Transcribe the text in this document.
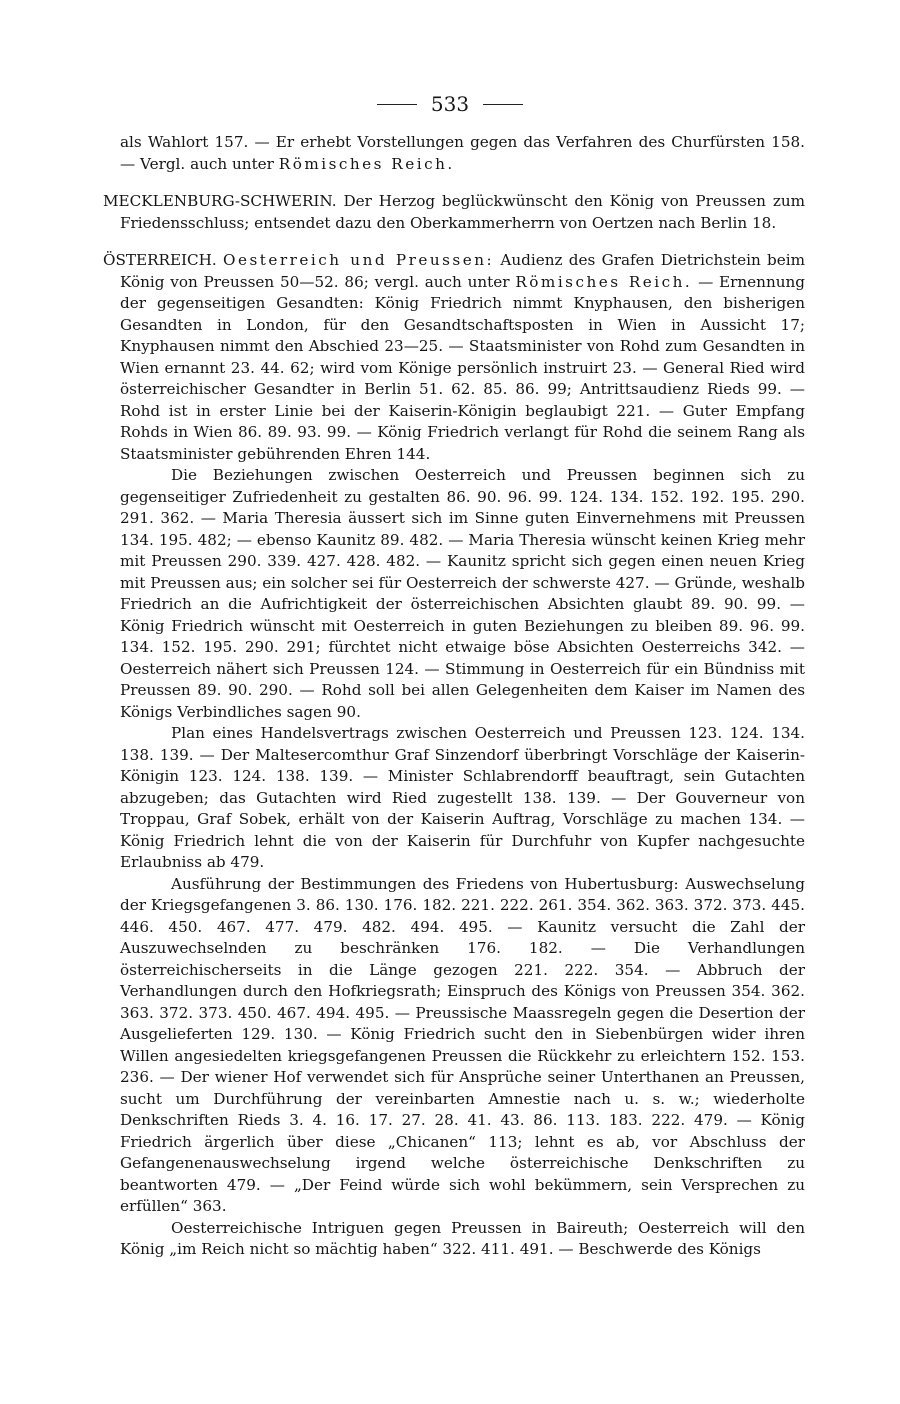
533

als Wahlort 157. — Er erhebt Vorstellungen gegen das Verfahren des Churfürsten 158. — Vergl. auch unter Römisches Reich.

MECKLENBURG-SCHWERIN. Der Herzog beglückwünscht den König von Preussen zum Friedensschluss; entsendet dazu den Oberkammerherrn von Oertzen nach Berlin 18.
ÖSTERREICH. Oesterreich und Preussen: Audienz des Grafen Dietrichstein beim König von Preussen 50—52. 86; vergl. auch unter Römisches Reich. — Ernennung der gegenseitigen Gesandten: König Friedrich nimmt Knyphausen, den bisherigen Gesandten in London, für den Gesandtschaftsposten in Wien in Aussicht 17; Knyphausen nimmt den Abschied 23—25. — Staatsminister von Rohd zum Gesandten in Wien ernannt 23. 44. 62; wird vom Könige persönlich instruirt 23. — General Ried wird österreichischer Gesandter in Berlin 51. 62. 85. 86. 99; Antrittsaudienz Rieds 99. — Rohd ist in erster Linie bei der Kaiserin-Königin beglaubigt 221. — Guter Empfang Rohds in Wien 86. 89. 93. 99. — König Friedrich verlangt für Rohd die seinem Rang als Staatsminister gebührenden Ehren 144.

Die Beziehungen zwischen Oesterreich und Preussen beginnen sich zu gegenseitiger Zufriedenheit zu gestalten 86. 90. 96. 99. 124. 134. 152. 192. 195. 290. 291. 362. — Maria Theresia äussert sich im Sinne guten Einvernehmens mit Preussen 134. 195. 482; — ebenso Kaunitz 89. 482. — Maria Theresia wünscht keinen Krieg mehr mit Preussen 290. 339. 427. 428. 482. — Kaunitz spricht sich gegen einen neuen Krieg mit Preussen aus; ein solcher sei für Oesterreich der schwerste 427. — Gründe, weshalb Friedrich an die Aufrichtigkeit der österreichischen Absichten glaubt 89. 90. 99. — König Friedrich wünscht mit Oesterreich in guten Beziehungen zu bleiben 89. 96. 99. 134. 152. 195. 290. 291; fürchtet nicht etwaige böse Absichten Oesterreichs 342. — Oesterreich nähert sich Preussen 124. — Stimmung in Oesterreich für ein Bündniss mit Preussen 89. 90. 290. — Rohd soll bei allen Gelegenheiten dem Kaiser im Namen des Königs Verbindliches sagen 90.

Plan eines Handelsvertrags zwischen Oesterreich und Preussen 123. 124. 134. 138. 139. — Der Maltesercomthur Graf Sinzendorf überbringt Vorschläge der Kaiserin-Königin 123. 124. 138. 139. — Minister Schlabrendorff beauftragt, sein Gutachten abzugeben; das Gutachten wird Ried zugestellt 138. 139. — Der Gouverneur von Troppau, Graf Sobek, erhält von der Kaiserin Auftrag, Vorschläge zu machen 134. — König Friedrich lehnt die von der Kaiserin für Durchfuhr von Kupfer nachgesuchte Erlaubniss ab 479.

Ausführung der Bestimmungen des Friedens von Hubertusburg: Auswechselung der Kriegsgefangenen 3. 86. 130. 176. 182. 221. 222. 261. 354. 362. 363. 372. 373. 445. 446. 450. 467. 477. 479. 482. 494. 495. — Kaunitz versucht die Zahl der Auszuwechselnden zu beschränken 176. 182. — Die Verhandlungen österreichischerseits in die Länge gezogen 221. 222. 354. — Abbruch der Verhandlungen durch den Hofkriegsrath; Einspruch des Königs von Preussen 354. 362. 363. 372. 373. 450. 467. 494. 495. — Preussische Maassregeln gegen die Desertion der Ausgelieferten 129. 130. — König Friedrich sucht den in Siebenbürgen wider ihren Willen angesiedelten kriegsgefangenen Preussen die Rückkehr zu erleichtern 152. 153. 236. — Der wiener Hof verwendet sich für Ansprüche seiner Unterthanen an Preussen, sucht um Durchführung der vereinbarten Amnestie nach u. s. w.; wiederholte Denkschriften Rieds 3. 4. 16. 17. 27. 28. 41. 43. 86. 113. 183. 222. 479. — König Friedrich ärgerlich über diese „Chicanen“ 113; lehnt es ab, vor Abschluss der Gefangenenauswechselung irgend welche österreichische Denkschriften zu beantworten 479. — „Der Feind würde sich wohl bekümmern, sein Versprechen zu erfüllen“ 363.

Oesterreichische Intriguen gegen Preussen in Baireuth; Oesterreich will den König „im Reich nicht so mächtig haben“ 322. 411. 491. — Beschwerde des Königs
